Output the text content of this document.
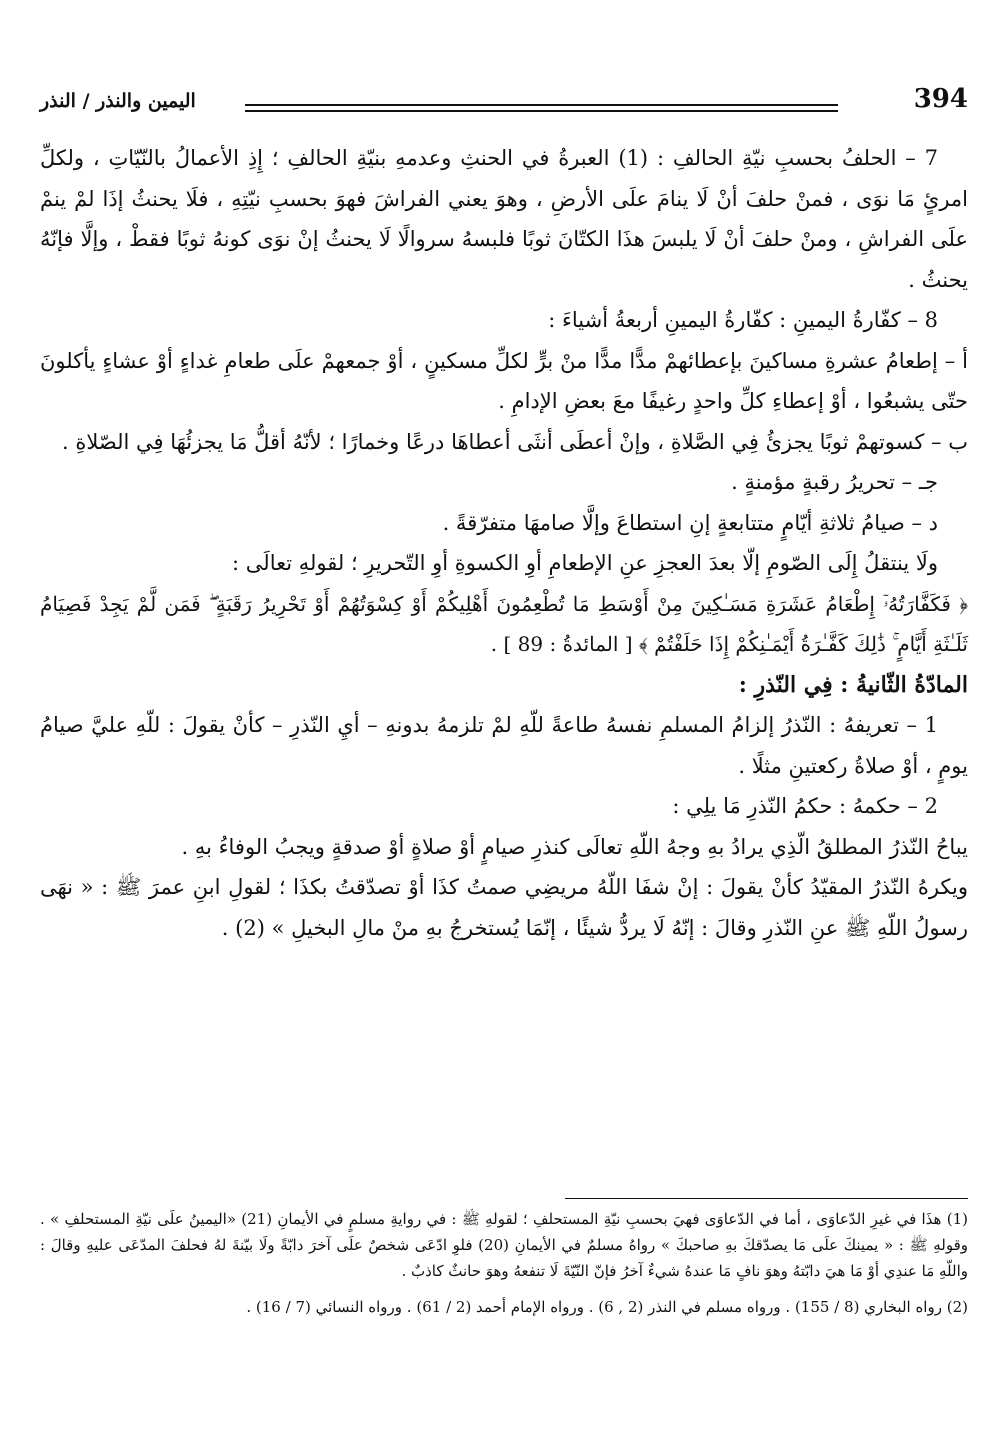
394
اليمين والنذر / النذر

7 – الحلفُ بحسبِ نيّةِ الحالفِ : (1) العبرةُ في الحنثِ وعدمهِ بنيّةِ الحالفِ ؛ إِذِ الأعمالُ بالنّيّاتِ ، ولكلِّ امرئٍ مَا نوَى ، فمنْ حلفَ أنْ لَا ينامَ علَى الأرضِ ، وهوَ يعني الفراشَ فهوَ بحسبِ نيّتِهِ ، فلَا يحنثُ إذَا لمْ ينمْ علَى الفراشِ ، ومنْ حلفَ أنْ لَا يلبسَ هذَا الكتّانَ ثوبًا فلبسهُ سروالًا لَا يحنثُ إنْ نوَى كونهُ ثوبًا فقطْ ، وإلَّا فإنّهُ يحنثُ .

8 – كفّارةُ اليمينِ : كفّارةُ اليمينِ أربعةُ أشياءَ :

أ – إطعامُ عشرةِ مساكينَ بإعطائهمْ مدًّا مدًّا منْ برٍّ لكلِّ مسكينٍ ، أوْ جمعهمْ علَى طعامِ غداءٍ أوْ عشاءٍ يأكلونَ حتّى يشبعُوا ، أوْ إعطاءِ كلِّ واحدٍ رغيفًا معَ بعضِ الإدامِ .

ب – كسوتهمْ ثوبًا يجزئُ فِي الصَّلاةِ ، وإنْ أعطَى أنثَى أعطاهَا درعًا وخمارًا ؛ لأنّهُ أقلُّ مَا يجزئُهَا فِي الصّلاةِ .

جـ – تحريرُ رقبةٍ مؤمنةٍ .

د – صيامُ ثلاثةِ أيّامٍ متتابعةٍ إنِ استطاعَ وإلَّا صامهَا متفرّقةً .

ولَا ينتقلُ إِلَى الصّومِ إلّا بعدَ العجزِ عنِ الإطعامِ أوِ الكسوةِ أوِ التّحريرِ ؛ لقولهِ تعالَى :

﴿ فَكَفَّارَتُهُۥٓ إِطْعَامُ عَشَرَةِ مَسَـٰكِينَ مِنْ أَوْسَطِ مَا تُطْعِمُونَ أَهْلِيكُمْ أَوْ كِسْوَتُهُمْ أَوْ تَحْرِيرُ رَقَبَةٍ ۖ فَمَن لَّمْ يَجِدْ فَصِيَامُ ثَلَـٰثَةِ أَيَّامٍ ۚ ذَٰلِكَ كَفَّـٰرَةُ أَيْمَـٰنِكُمْ إِذَا حَلَفْتُمْ ﴾ [ المائدةُ : 89 ] .

المادّةُ الثّانيةُ : فِي النّذرِ :

1 – تعريفهُ : النّذرُ إلزامُ المسلمِ نفسهُ طاعةً للّهِ لمْ تلزمهُ بدونهِ – أيِ النّذرِ – كأنْ يقولَ : للّهِ عليَّ صيامُ يومٍ ، أوْ صلاةُ ركعتينِ مثلًا .

2 – حكمهُ : حكمُ النّذرِ مَا يلِي :

يباحُ النّذرُ المطلقُ الّذِي يرادُ بهِ وجهُ اللّهِ تعالَى كنذرِ صيامٍ أوْ صلاةٍ أوْ صدقةٍ ويجبُ الوفاءُ بهِ .

ويكرهُ النّذرُ المقيّدُ كأنْ يقولَ : إنْ شفَا اللّهُ مريضِي صمتُ كذَا أوْ تصدّقتُ بكذَا ؛ لقولِ ابنِ عمرَ ﷺ : « نهَى رسولُ اللّهِ ﷺ عنِ النّذرِ وقالَ : إنّهُ لَا يردُّ شيئًا ، إنّمَا يُستخرجُ بهِ منْ مالِ البخيلِ » (2) .

(1) هذَا في غيرِ الدّعاوَى ، أما في الدّعاوَى فهيَ بحسبِ نيّةِ المستحلفِ ؛ لقولهِ ﷺ : في روايةِ مسلمٍ في الأيمانِ (21) «اليمينُ علَى نيّةِ المستحلفِ » . وقولهِ ﷺ : « يمينكَ علَى مَا يصدّقكَ بهِ صاحبكَ » رواهُ مسلمٌ في الأيمانِ (20) فلوِ ادّعَى شخصٌ علَى آخرَ دابّةً ولَا بيّنةَ لهُ فحلفَ المدّعَى عليهِ وقالَ : واللّهِ مَا عندِي أوْ مَا هيَ دابّتهُ وهوَ نافٍ مَا عندهُ شيءٌ آخرُ فإنّ النّيّةَ لَا تنفعهُ وهوَ حانثٌ كاذبٌ .

(2) رواه البخاري (8 / 155) . ورواه مسلم في النذر (2 , 6) . ورواه الإمام أحمد (2 / 61) . ورواه النسائي (7 / 16) .
